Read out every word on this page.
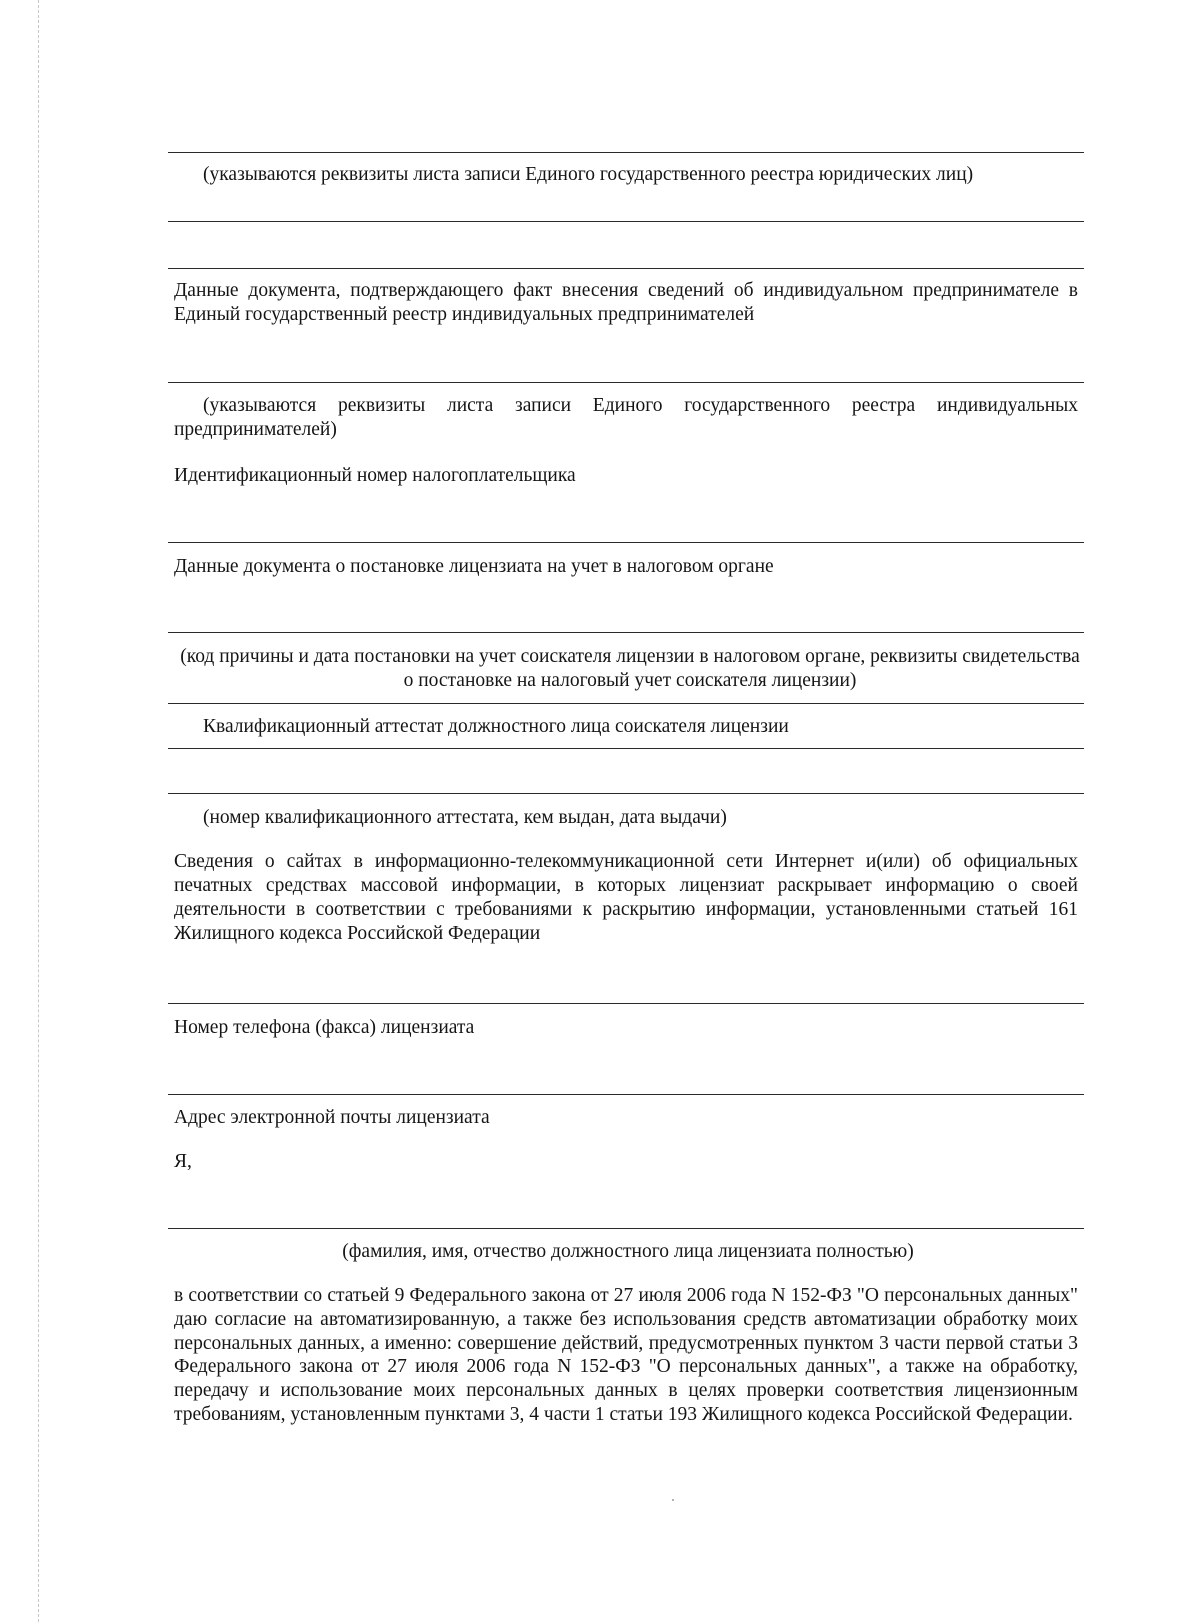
(указываются реквизиты листа записи Единого государственного реестра юридических лиц)

Данные документа, подтверждающего факт внесения сведений об индивидуальном предпринимателе в Единый государственный реестр индивидуальных предпринимателей

(указываются реквизиты листа записи Единого государственного реестра индивидуальных предпринимателей)

Идентификационный номер налогоплательщика

Данные документа о постановке лицензиата на учет в налоговом органе

(код причины и дата постановки на учет соискателя лицензии в налоговом органе, реквизиты свидетельства о постановке на налоговый учет соискателя лицензии)

Квалификационный аттестат должностного лица соискателя лицензии

(номер квалификационного аттестата, кем выдан, дата выдачи)

Сведения о сайтах в информационно-телекоммуникационной сети Интернет и(или) об официальных печатных средствах массовой информации, в которых лицензиат раскрывает информацию о своей деятельности в соответствии с требованиями к раскрытию информации, установленными статьей 161 Жилищного кодекса Российской Федерации

Номер телефона (факса) лицензиата

Адрес электронной почты лицензиата

Я,

(фамилия, имя, отчество должностного лица лицензиата полностью)

в соответствии со статьей 9 Федерального закона от 27 июля 2006 года N 152-ФЗ "О персональных данных" даю согласие на автоматизированную, а также без использования средств автоматизации обработку моих персональных данных, а именно: совершение действий, предусмотренных пунктом 3 части первой статьи 3 Федерального закона от 27 июля 2006 года N 152-ФЗ "О персональных данных", а также на обработку, передачу и использование моих персональных данных в целях проверки соответствия лицензионным требованиям, установленным пунктами 3, 4 части 1 статьи 193 Жилищного кодекса Российской Федерации.
